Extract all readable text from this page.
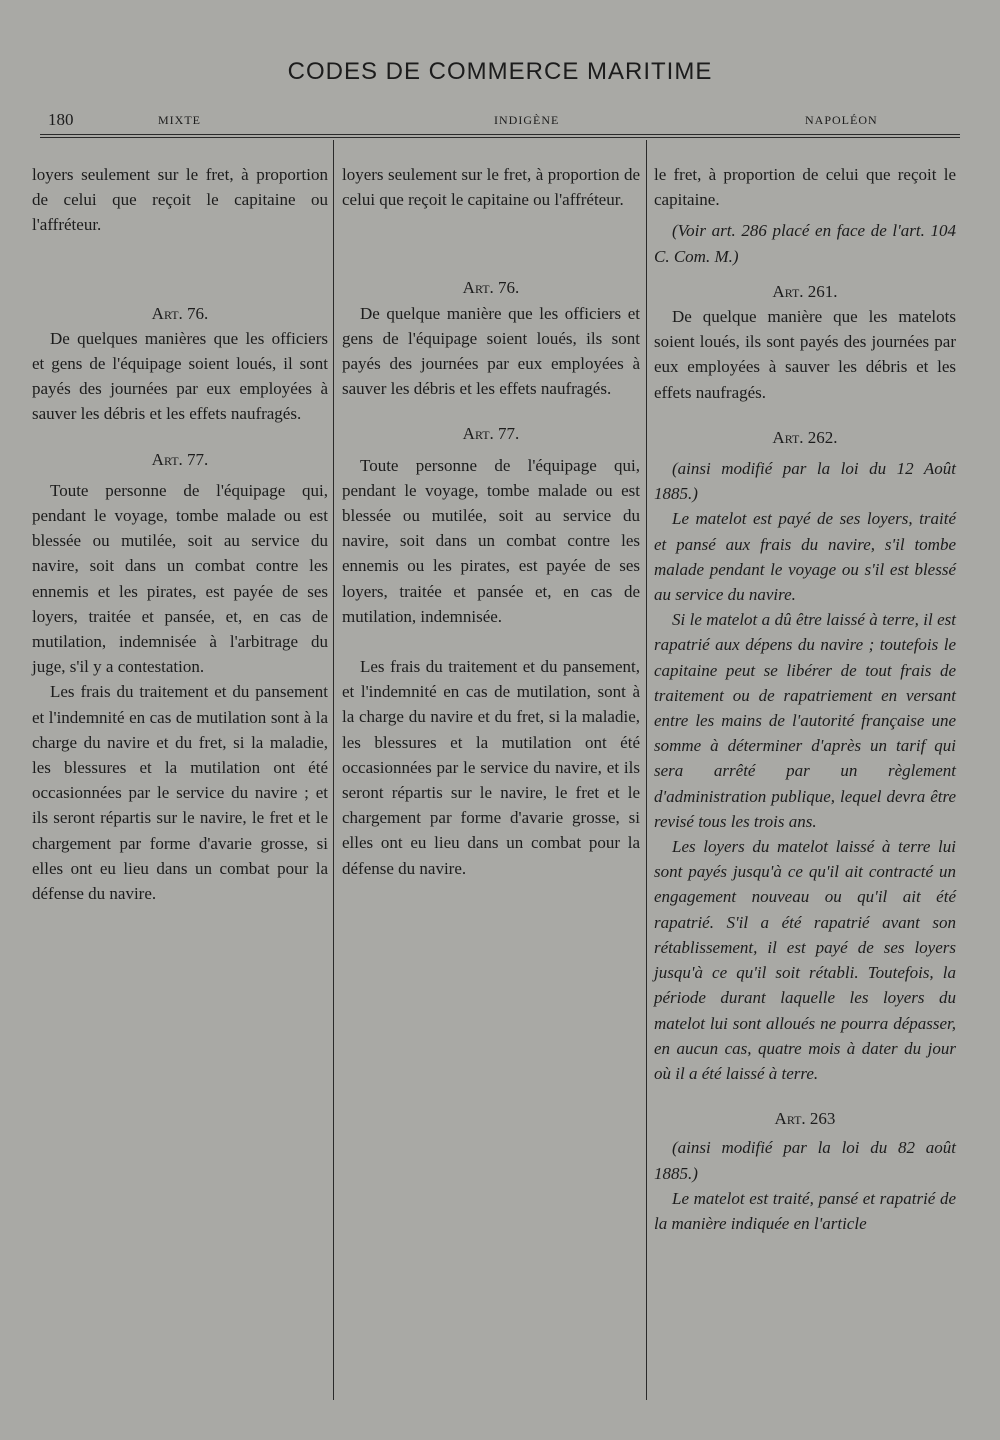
CODES DE COMMERCE MARITIME
180	MIXTE	INDIGÈNE	NAPOLÉON

loyers seulement sur le fret, à proportion de celui que reçoit le capitaine ou l'affréteur.

Art. 76.

De quelques manières que les officiers et gens de l'équipage soient loués, il sont payés des journées par eux employées à sauver les débris et les effets naufragés.

Art. 77.

Toute personne de l'équipage qui, pendant le voyage, tombe malade ou est blessée ou mutilée, soit au service du navire, soit dans un combat contre les ennemis et les pirates, est payée de ses loyers, traitée et pansée, et, en cas de mutilation, indemnisée à l'arbitrage du juge, s'il y a contestation.

Les frais du traitement et du pansement et l'indemnité en cas de mutilation sont à la charge du navire et du fret, si la maladie, les blessures et la mutilation ont été occasionnées par le service du navire ; et ils seront répartis sur le navire, le fret et le chargement par forme d'avarie grosse, si elles ont eu lieu dans un combat pour la défense du navire.

loyers seulement sur le fret, à proportion de celui que reçoit le capitaine ou l'affréteur.

Art. 76.

De quelque manière que les officiers et gens de l'équipage soient loués, ils sont payés des journées par eux employées à sauver les débris et les effets naufragés.

Art. 77.

Toute personne de l'équipage qui, pendant le voyage, tombe malade ou est blessée ou mutilée, soit au service du navire, soit dans un combat contre les ennemis ou les pirates, est payée de ses loyers, traitée et pansée et, en cas de mutilation, indemnisée.

Les frais du traitement et du pansement, et l'indemnité en cas de mutilation, sont à la charge du navire et du fret, si la maladie, les blessures et la mutilation ont été occasionnées par le service du navire, et ils seront répartis sur le navire, le fret et le chargement par forme d'avarie grosse, si elles ont eu lieu dans un combat pour la défense du navire.

le fret, à proportion de celui que reçoit le capitaine.

(Voir art. 286 placé en face de l'art. 104 C. Com. M.)

Art. 261.

De quelque manière que les matelots soient loués, ils sont payés des journées par eux employées à sauver les débris et les effets naufragés.

Art. 262.

(ainsi modifié par la loi du 12 Août 1885.)

Le matelot est payé de ses loyers, traité et pansé aux frais du navire, s'il tombe malade pendant le voyage ou s'il est blessé au service du navire.

Si le matelot a dû être laissé à terre, il est rapatrié aux dépens du navire ; toutefois le capitaine peut se libérer de tout frais de traitement ou de rapatriement en versant entre les mains de l'autorité française une somme à déterminer d'après un tarif qui sera arrêté par un règlement d'administration publique, lequel devra être revisé tous les trois ans.

Les loyers du matelot laissé à terre lui sont payés jusqu'à ce qu'il ait contracté un engagement nouveau ou qu'il ait été rapatrié. S'il a été rapatrié avant son rétablissement, il est payé de ses loyers jusqu'à ce qu'il soit rétabli. Toutefois, la période durant laquelle les loyers du matelot lui sont alloués ne pourra dépasser, en aucun cas, quatre mois à dater du jour où il a été laissé à terre.

Art. 263

(ainsi modifié par la loi du 82 août 1885.)

Le matelot est traité, pansé et rapatrié de la manière indiquée en l'article
